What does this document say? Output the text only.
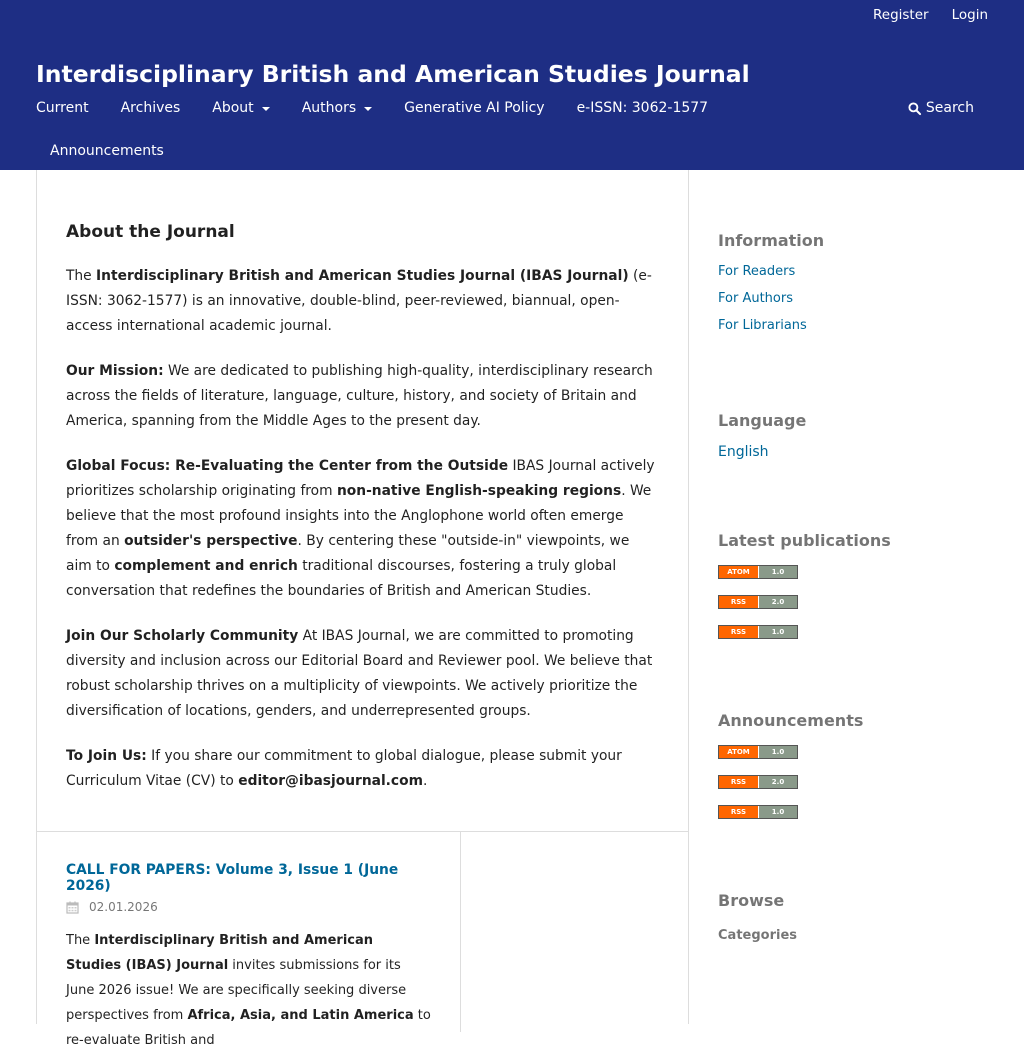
Register	Login
Interdisciplinary British and American Studies Journal
Current Archives About	Authors	Generative AI Policy e-ISSN: 3062-1577
Announcements
Search
About the Journal

The Interdisciplinary British and American Studies Journal (IBAS Journal) (e-ISSN: 3062-1577) is an innovative, double-blind, peer-reviewed, biannual, open-access international academic journal.

Our Mission: We are dedicated to publishing high-quality, interdisciplinary research across the fields of literature, language, culture, history, and society of Britain and America, spanning from the Middle Ages to the present day.

Global Focus: Re-Evaluating the Center from the Outside IBAS Journal actively prioritizes scholarship originating from non-native English-speaking regions. We believe that the most profound insights into the Anglophone world often emerge from an outsider's perspective. By centering these "outside-in" viewpoints, we aim to complement and enrich traditional discourses, fostering a truly global conversation that redefines the boundaries of British and American Studies.

Join Our Scholarly Community At IBAS Journal, we are committed to promoting diversity and inclusion across our Editorial Board and Reviewer pool. We believe that robust scholarship thrives on a multiplicity of viewpoints. We actively prioritize the diversification of locations, genders, and underrepresented groups.

To Join Us: If you share our commitment to global dialogue, please submit your Curriculum Vitae (CV) to editor@ibasjournal.com.

CALL FOR PAPERS: Volume 3, Issue 1 (June 2026)
02.01.2026
The Interdisciplinary British and American Studies (IBAS) Journal invites submissions for its June 2026 issue! We are specifically seeking diverse perspectives from Africa, Asia, and Latin America to re-evaluate British and
Information
For Readers
For Authors
For Librarians
Language
English
Latest publications
ATOM	1.0
RSS	2.0
RSS	1.0
Announcements
ATOM	1.0
RSS	2.0
RSS	1.0
Browse
Categories
